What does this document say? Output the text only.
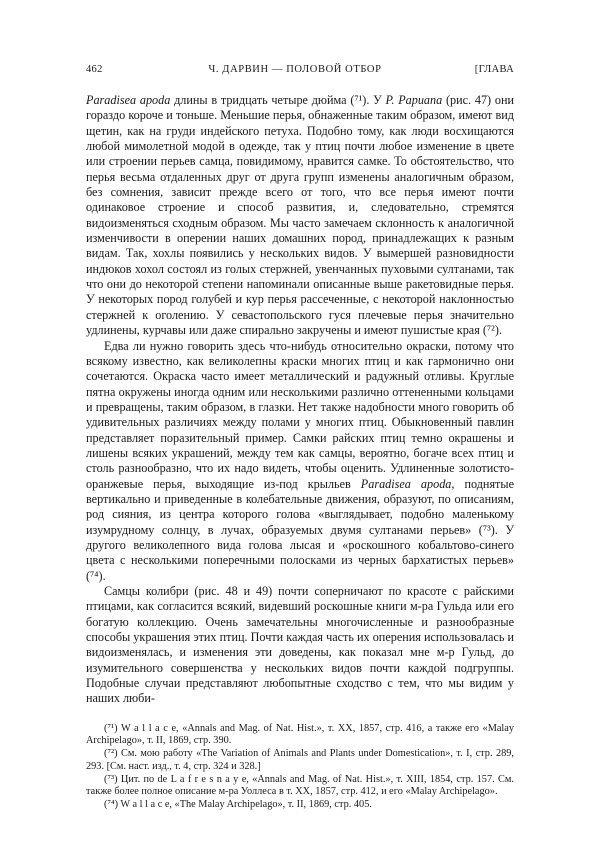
462	Ч. ДАРВИН — ПОЛОВОЙ ОТБОР	[ГЛАВА

Paradisea apoda длины в тридцать четыре дюйма (⁷¹). У P. Papuana (рис. 47) они гораздо короче и тоньше. Меньшие перья, обнаженные таким образом, имеют вид щетин, как на груди индейского петуха. Подобно тому, как люди восхищаются любой мимолетной модой в одежде, так у птиц почти любое изменение в цвете или строении перьев самца, повидимому, нравится самке. То обстоятельство, что перья весьма отдаленных друг от друга групп изменены аналогичным образом, без сомнения, зависит прежде всего от того, что все перья имеют почти одинаковое строение и способ развития, и, следовательно, стремятся видоизменяться сходным образом. Мы часто замечаем склонность к аналогичной изменчивости в оперении наших домашних пород, принадлежащих к разным видам. Так, хохлы появились у нескольких видов. У вымершей разновидности индюков хохол состоял из голых стержней, увенчанных пуховыми султанами, так что они до некоторой степени напоминали описанные выше ракетовидные перья. У некоторых пород голубей и кур перья рассеченные, с некоторой наклонностью стержней к оголению. У севастопольского гуся плечевые перья значительно удлинены, курчавы или даже спирально закручены и имеют пушистые края (⁷²).

Едва ли нужно говорить здесь что-нибудь относительно окраски, потому что всякому известно, как великолепны краски многих птиц и как гармонично они сочетаются. Окраска часто имеет металлический и радужный отливы. Круглые пятна окружены иногда одним или несколькими различно оттененными кольцами и превращены, таким образом, в глазки. Нет также надобности много говорить об удивительных различиях между полами у многих птиц. Обыкновенный павлин представляет поразительный пример. Самки райских птиц темно окрашены и лишены всяких украшений, между тем как самцы, вероятно, богаче всех птиц и столь разнообразно, что их надо видеть, чтобы оценить. Удлиненные золотисто-оранжевые перья, выходящие из-под крыльев Paradisea apoda, поднятые вертикально и приведенные в колебательные движения, образуют, по описаниям, род сияния, из центра которого голова «выглядывает, подобно маленькому изумрудному солнцу, в лучах, образуемых двумя султанами перьев» (⁷³). У другого великолепного вида голова лысая и «роскошного кобальтово-синего цвета с несколькими поперечными полосками из черных бархатистых перьев» (⁷⁴).

Самцы колибри (рис. 48 и 49) почти соперничают по красоте с райскими птицами, как согласится всякий, видевший роскошные книги м-ра Гульда или его богатую коллекцию. Очень замечательны многочисленные и разнообразные способы украшения этих птиц. Почти каждая часть их оперения использовалась и видоизменялась, и изменения эти доведены, как показал мне м-р Гульд, до изумительного совершенства у нескольких видов почти каждой подгруппы. Подобные случаи представляют любопытные сходство с тем, что мы видим у наших люби-

(⁷¹) W a l l a c e, «Annals and Mag. of Nat. Hist.», т. XX, 1857, стр. 416, а также его «Malay Archipelago», т. II, 1869, стр. 390.

(⁷²) См. мою работу «The Variation of Animals and Plants under Domestication», т. I, стр. 289, 293. [См. наст. изд., т. 4, стр. 324 и 328.]

(⁷³) Цит. по de L a f r e s n a y e, «Annals and Mag. of Nat. Hist.», т. XIII, 1854, стр. 157. См. также более полное описание м-ра Уоллеса в т. XX, 1857, стр. 412, и его «Malay Archipelago».

(⁷⁴) W a l l a c e, «The Malay Archipelago», т. II, 1869, стр. 405.
